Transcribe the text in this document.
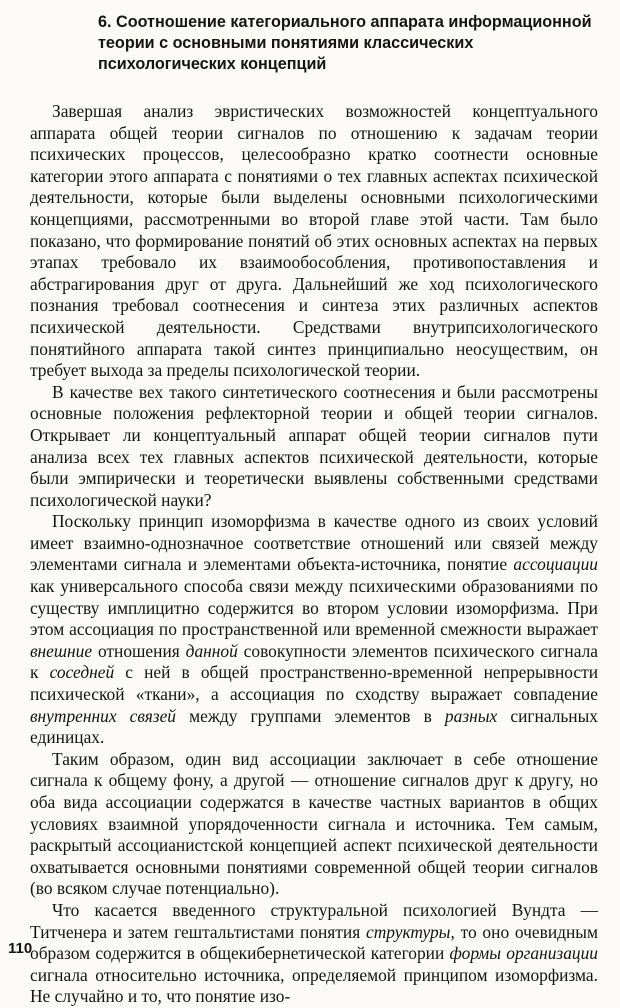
6. Соотношение категориального аппарата информационной теории с основными понятиями классических психологических концепций

Завершая анализ эвристических возможностей концептуального аппарата общей теории сигналов по отношению к задачам теории психических процессов, целесообразно кратко соотнести основные категории этого аппарата с понятиями о тех главных аспектах психической деятельности, которые были выделены основными психологическими концепциями, рассмотренными во второй главе этой части. Там было показано, что формирование понятий об этих основных аспектах на первых этапах требовало их взаимообособления, противопоставления и абстрагирования друг от друга. Дальнейший же ход психологического познания требовал соотнесения и синтеза этих различных аспектов психической деятельности. Средствами внутрипсихологического понятийного аппарата такой синтез принципиально неосуществим, он требует выхода за пределы психологической теории.

В качестве вех такого синтетического соотнесения и были рассмотрены основные положения рефлекторной теории и общей теории сигналов. Открывает ли концептуальный аппарат общей теории сигналов пути анализа всех тех главных аспектов психической деятельности, которые были эмпирически и теоретически выявлены собственными средствами психологической науки?

Поскольку принцип изоморфизма в качестве одного из своих условий имеет взаимно-однозначное соответствие отношений или связей между элементами сигнала и элементами объекта-источника, понятие ассоциации как универсального способа связи между психическими образованиями по существу имплицитно содержится во втором условии изоморфизма. При этом ассоциация по пространственной или временной смежности выражает внешние отношения данной совокупности элементов психического сигнала к соседней с ней в общей пространственно-временной непрерывности психической «ткани», а ассоциация по сходству выражает совпадение внутренних связей между группами элементов в разных сигнальных единицах.

Таким образом, один вид ассоциации заключает в себе отношение сигнала к общему фону, а другой — отношение сигналов друг к другу, но оба вида ассоциации содержатся в качестве частных вариантов в общих условиях взаимной упорядоченности сигнала и источника. Тем самым, раскрытый ассоцианистской концепцией аспект психической деятельности охватывается основными понятиями современной общей теории сигналов (во всяком случае потенциально).

Что касается введенного структуральной психологией Вундта — Титченера и затем гештальтистами понятия структуры, то оно очевидным образом содержится в общекибернетической категории формы организации сигнала относительно источника, определяемой принципом изоморфизма. Не случайно и то, что понятие изо-

110
